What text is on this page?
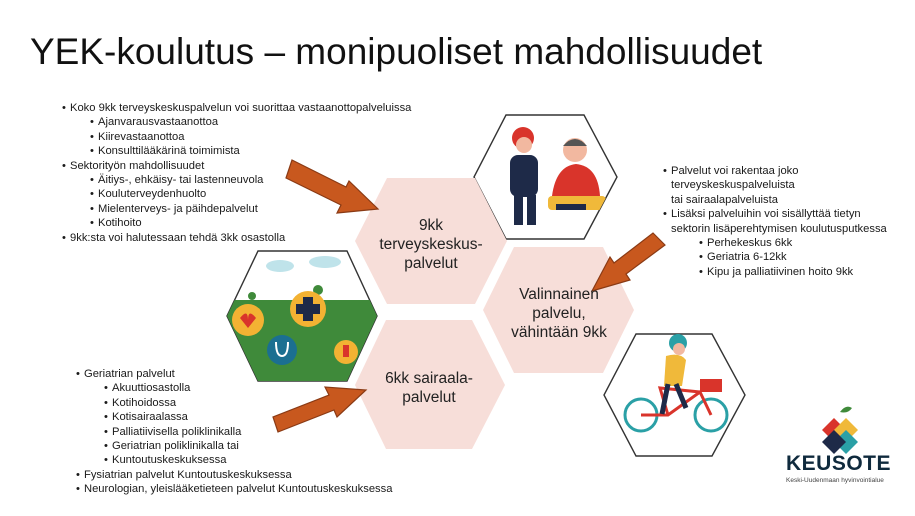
YEK-koulutus – monipuoliset mahdollisuudet
• Koko 9kk terveyskeskuspalvelun voi suorittaa vastaanottopalveluissa
• Ajanvarausvastaanottoa
• Kiirevastaanottoa
• Konsulttilääkärinä toimimista
• Sektorityön mahdollisuudet
• Äitiys-, ehkäisy- tai lastenneuvola
• Kouluterveydenhuolto
• Mielenterveys- ja päihdepalvelut
• Kotihoito
• 9kk:sta voi halutessaan tehdä 3kk osastolla
• Palvelut voi rakentaa joko
terveyskeskuspalveluista
tai sairaalapalveluista
• Lisäksi palveluihin voi sisällyttää tietyn
sektorin lisäperehtymisen koulutusputkessa
• Perhekeskus 6kk
• Geriatria 6-12kk
• Kipu ja palliatiivinen hoito 9kk
• Geriatrian palvelut
• Akuuttiosastolla
• Kotihoidossa
• Kotisairaalassa
• Palliatiivisella poliklinikalla
• Geriatrian poliklinikalla tai
• Kuntoutuskeskuksessa
• Fysiatrian palvelut Kuntoutuskeskuksessa
• Neurologian, yleislääketieteen palvelut Kuntoutuskeskuksessa
9kk
terveyskeskus-
palvelut
Valinnainen
palvelu,
vähintään 9kk
6kk sairaala-
palvelut
KEUSOTE
Keski-Uudenmaan hyvinvointialue
